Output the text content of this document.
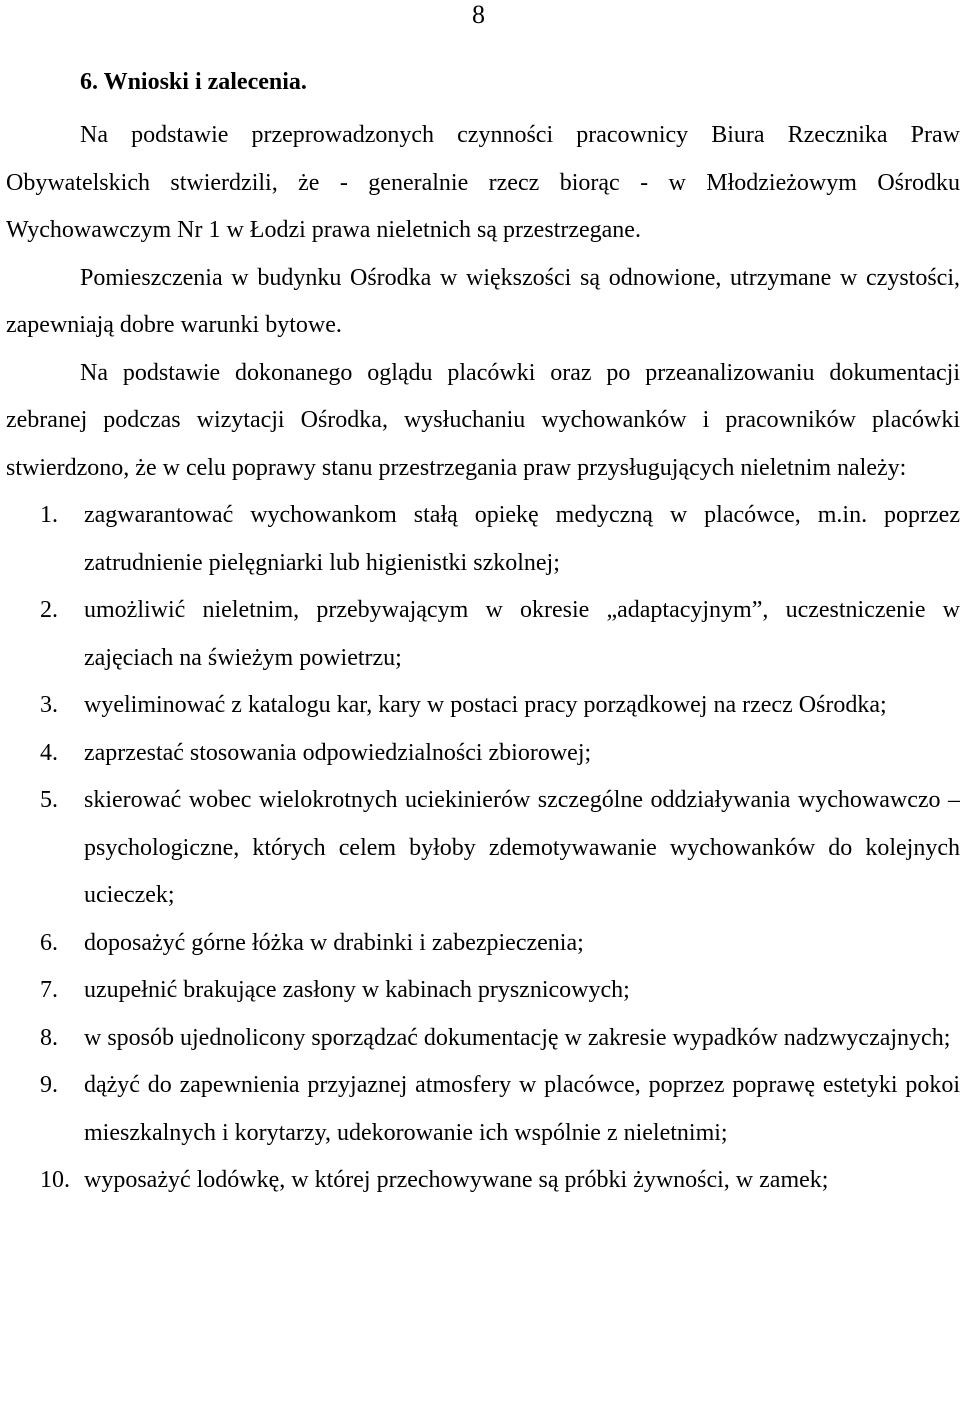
8
6. Wnioski i zalecenia.

Na podstawie przeprowadzonych czynności pracownicy Biura Rzecznika Praw Obywatelskich stwierdzili, że - generalnie rzecz biorąc - w Młodzieżowym Ośrodku Wychowawczym Nr 1 w Łodzi prawa nieletnich są przestrzegane.

Pomieszczenia w budynku Ośrodka w większości są odnowione, utrzymane w czystości, zapewniają dobre warunki bytowe.

Na podstawie dokonanego oglądu placówki oraz po przeanalizowaniu dokumentacji zebranej podczas wizytacji Ośrodka, wysłuchaniu wychowanków i pracowników placówki stwierdzono, że w celu poprawy stanu przestrzegania praw przysługujących nieletnim należy:

1. zagwarantować wychowankom stałą opiekę medyczną w placówce, m.in. poprzez zatrudnienie pielęgniarki lub higienistki szkolnej;
2. umożliwić nieletnim, przebywającym w okresie „adaptacyjnym”, uczestniczenie w zajęciach na świeżym powietrzu;
3. wyeliminować z katalogu kar, kary w postaci pracy porządkowej na rzecz Ośrodka;
4. zaprzestać stosowania odpowiedzialności zbiorowej;
5. skierować wobec wielokrotnych uciekinierów szczególne oddziaływania wychowawczo – psychologiczne, których celem byłoby zdemotywawanie wychowanków do kolejnych ucieczek;
6. doposażyć górne łóżka w drabinki i zabezpieczenia;
7. uzupełnić brakujące zasłony w kabinach prysznicowych;
8. w sposób ujednolicony sporządzać dokumentację w zakresie wypadków nadzwyczajnych;
9. dążyć do zapewnienia przyjaznej atmosfery w placówce, poprzez poprawę estetyki pokoi mieszkalnych i korytarzy, udekorowanie ich wspólnie z nieletnimi;
10. wyposażyć lodówkę, w której przechowywane są próbki żywności, w zamek;
